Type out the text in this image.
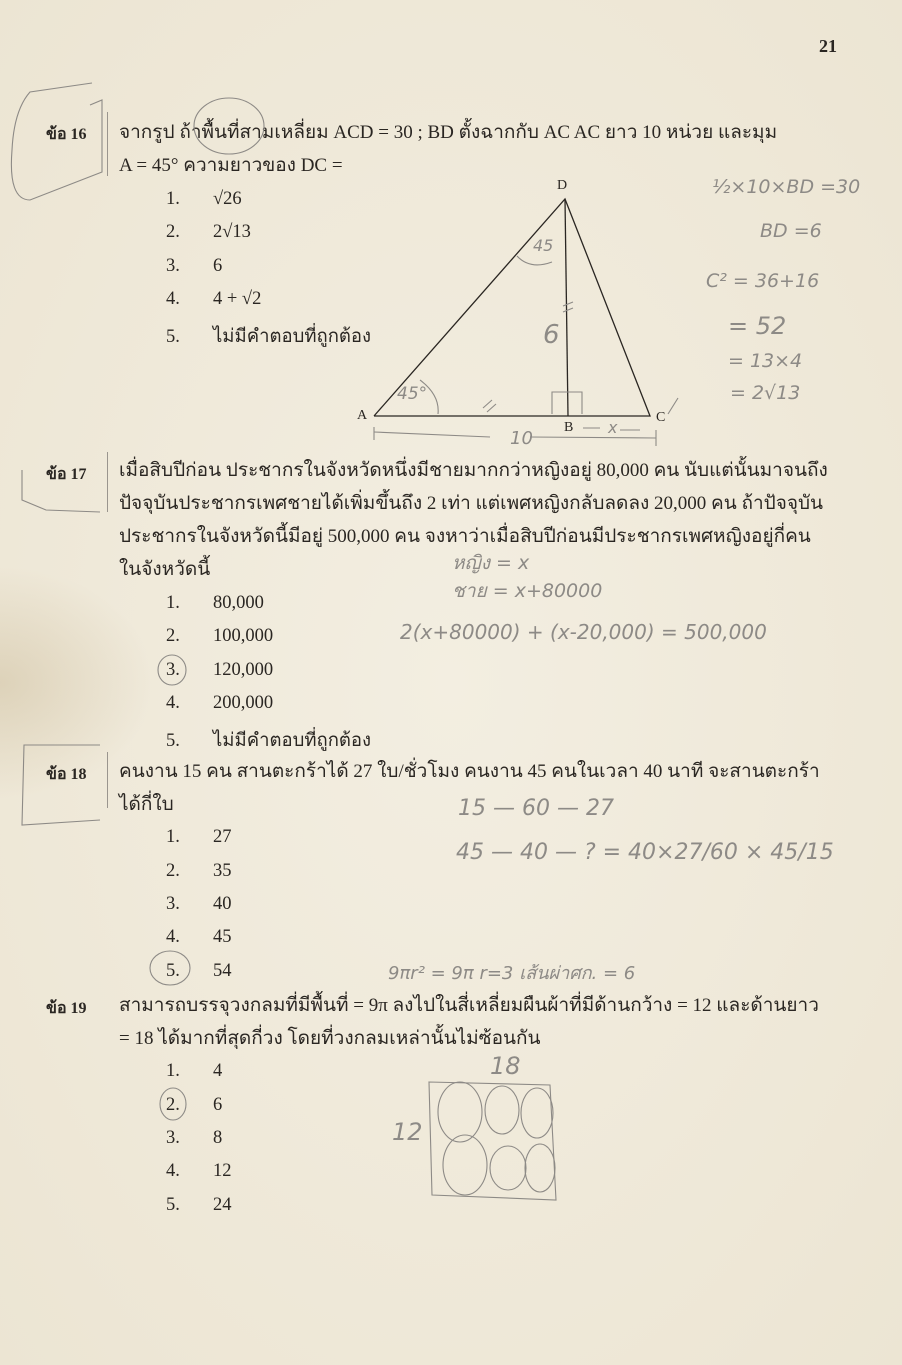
21
ข้อ 16 จากรูป ถ้าพื้นที่สามเหลี่ยม ACD = 30 ; BD ตั้งฉากกับ AC AC ยาว 10 หน่วย และมุม
A = 45° ความยาวของ DC =
1. √26
2. 2√13
3. 6
4. 4 + √2
5. ไม่มีคำตอบที่ถูกต้อง
D
A
B
C
45°
45
6
10
x
½×10×BD =30
BD =6
C² = 36+16
= 52
= 13×4
= 2√13
ข้อ 17 เมื่อสิบปีก่อน ประชากรในจังหวัดหนึ่งมีชายมากกว่าหญิงอยู่ 80,000 คน นับแต่นั้นมาจนถึง
ปัจจุบันประชากรเพศชายได้เพิ่มขึ้นถึง 2 เท่า แต่เพศหญิงกลับลดลง 20,000 คน ถ้าปัจจุบัน
ประชากรในจังหวัดนี้มีอยู่ 500,000 คน จงหาว่าเมื่อสิบปีก่อนมีประชากรเพศหญิงอยู่กี่คน
ในจังหวัดนี้
1. 80,000
2. 100,000
3. 120,000
4. 200,000
5. ไม่มีคำตอบที่ถูกต้อง
หญิง = x
ชาย = x+80000
2(x+80000) + (x-20,000) = 500,000
ข้อ 18 คนงาน 15 คน สานตะกร้าได้ 27 ใบ/ชั่วโมง คนงาน 45 คนในเวลา 40 นาที จะสานตะกร้า
ได้กี่ใบ
1. 27
2. 35
3. 40
4. 45
5. 54
15 — 60 — 27
45 — 40 — ? = 40×27/60 × 45/15
9πr² = 9π r=3 เส้นผ่าศก. = 6
ข้อ 19 สามารถบรรจุวงกลมที่มีพื้นที่ = 9π ลงไปในสี่เหลี่ยมผืนผ้าที่มีด้านกว้าง = 12 และด้านยาว
= 18 ได้มากที่สุดกี่วง โดยที่วงกลมเหล่านั้นไม่ซ้อนกัน
1. 4
2. 6
3. 8
4. 12
5. 24
18
12
